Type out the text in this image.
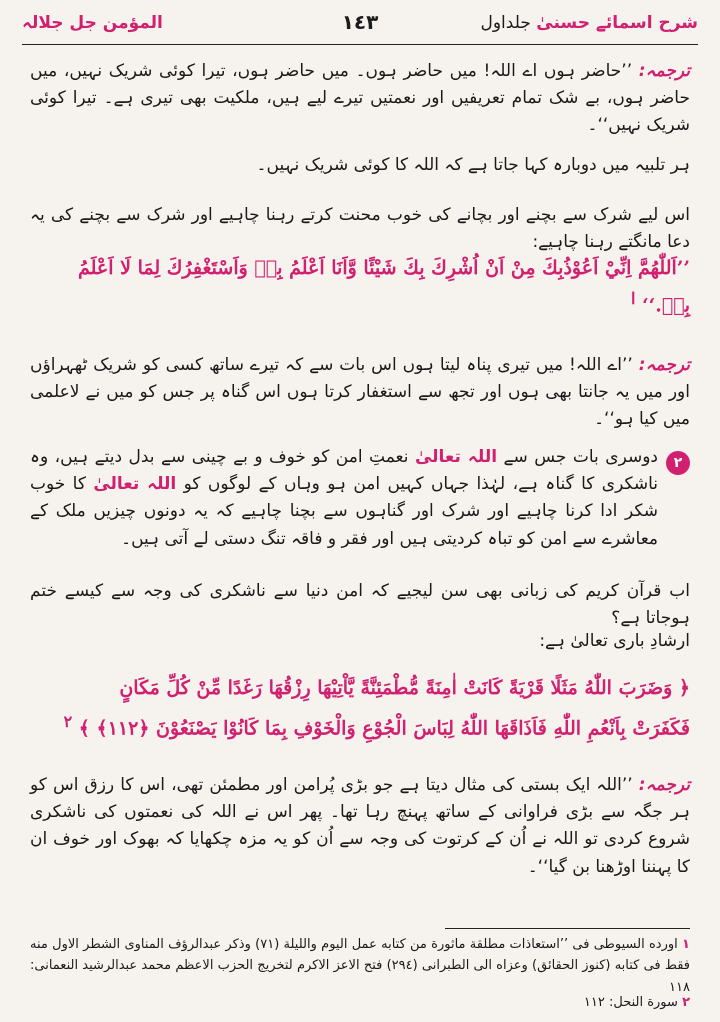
المؤمن جل جلالہ	١٤٣	شرح اسمائے حسنیٰ جلداول
ترجمہ: ’’حاضر ہوں اے اللہ! میں حاضر ہوں۔ میں حاضر ہوں، تیرا کوئی شریک نہیں، میں حاضر ہوں، بے شک تمام تعریفیں اور نعمتیں تیرے لیے ہیں، ملکیت بھی تیری ہے۔ تیرا کوئی شریک نہیں‘‘۔
ہر تلبیہ میں دوبارہ کہا جاتا ہے کہ اللہ کا کوئی شریک نہیں۔
اس لیے شرک سے بچنے اور بچانے کی خوب محنت کرتے رہنا چاہیے اور شرک سے بچنے کی یہ دعا مانگتے رہنا چاہیے:
’’اَللّٰهُمَّ اِنِّيْ اَعُوْذُبِكَ مِنْ اَنْ اُشْرِكَ بِكَ شَيْئًا وَّاَنَا اَعْلَمُ بِهٖ وَاَسْتَغْفِرُكَ لِمَا لَا اَعْلَمُ
بِهٖ.‘‘ $^ا$
ترجمہ: ’’اے اللہ! میں تیری پناہ لیتا ہوں اس بات سے کہ تیرے ساتھ کسی کو شریک ٹھہراؤں اور میں یہ جانتا بھی ہوں اور تجھ سے استغفار کرتا ہوں اس گناہ پر جس کو میں نے لاعلمی میں کیا ہو‘‘۔
٢
دوسری بات جس سے اللہ تعالیٰ نعمتِ امن کو خوف و بے چینی سے بدل دیتے ہیں، وہ ناشکری کا گناہ ہے، لہٰذا جہاں کہیں امن ہو وہاں کے لوگوں کو اللہ تعالیٰ کا خوب شکر ادا کرنا چاہیے اور شرک اور گناہوں سے بچنا چاہیے کہ یہ دونوں چیزیں ملک کے معاشرے سے امن کو تباہ کردیتی ہیں اور فقر و فاقہ تنگ دستی لے آتی ہیں۔
اب قرآن کریم کی زبانی بھی سن لیجیے کہ امن دنیا سے ناشکری کی وجہ سے کیسے ختم ہوجاتا ہے؟
ارشادِ باری تعالیٰ ہے:
﴿ وَضَرَبَ اللّٰهُ مَثَلًا قَرْيَةً كَانَتْ اٰمِنَةً مُّطْمَئِنَّةً يَّاْتِيْهَا رِزْقُهَا رَغَدًا مِّنْ كُلِّ مَكَانٍ
فَكَفَرَتْ بِاَنْعُمِ اللّٰهِ فَاَذَاقَهَا اللّٰهُ لِبَاسَ الْجُوْعِ وَالْخَوْفِ بِمَا كَانُوْا يَصْنَعُوْنَ ﴿١١٢﴾ ﴾ $^٢$
ترجمہ: ’’اللہ ایک بستی کی مثال دیتا ہے جو بڑی پُرامن اور مطمئن تھی، اس کا رزق اس کو ہر جگہ سے بڑی فراوانی کے ساتھ پہنچ رہا تھا۔ پھر اس نے اللہ کی نعمتوں کی ناشکری شروع کردی تو اللہ نے اُن کے کرتوت کی وجہ سے اُن کو یہ مزہ چکھایا کہ بھوک اور خوف ان کا پہننا اوڑھنا بن گیا‘‘۔
١ اورده السيوطى فى ’’استعاذات مطلقة ماثورة من كتابه عمل اليوم والليلة (٧١) وذكر عبدالرؤف المناوى الشطر الاول منه فقط فى كتابه (كنوز الحقائق) وعزاه الى الطبرانى (٢٩٤) فتح الاعز الاكرم لتخريج الحزب الاعظم محمد عبدالرشيد النعمانى: ١١٨
٢ سورة النحل: ١١٢
